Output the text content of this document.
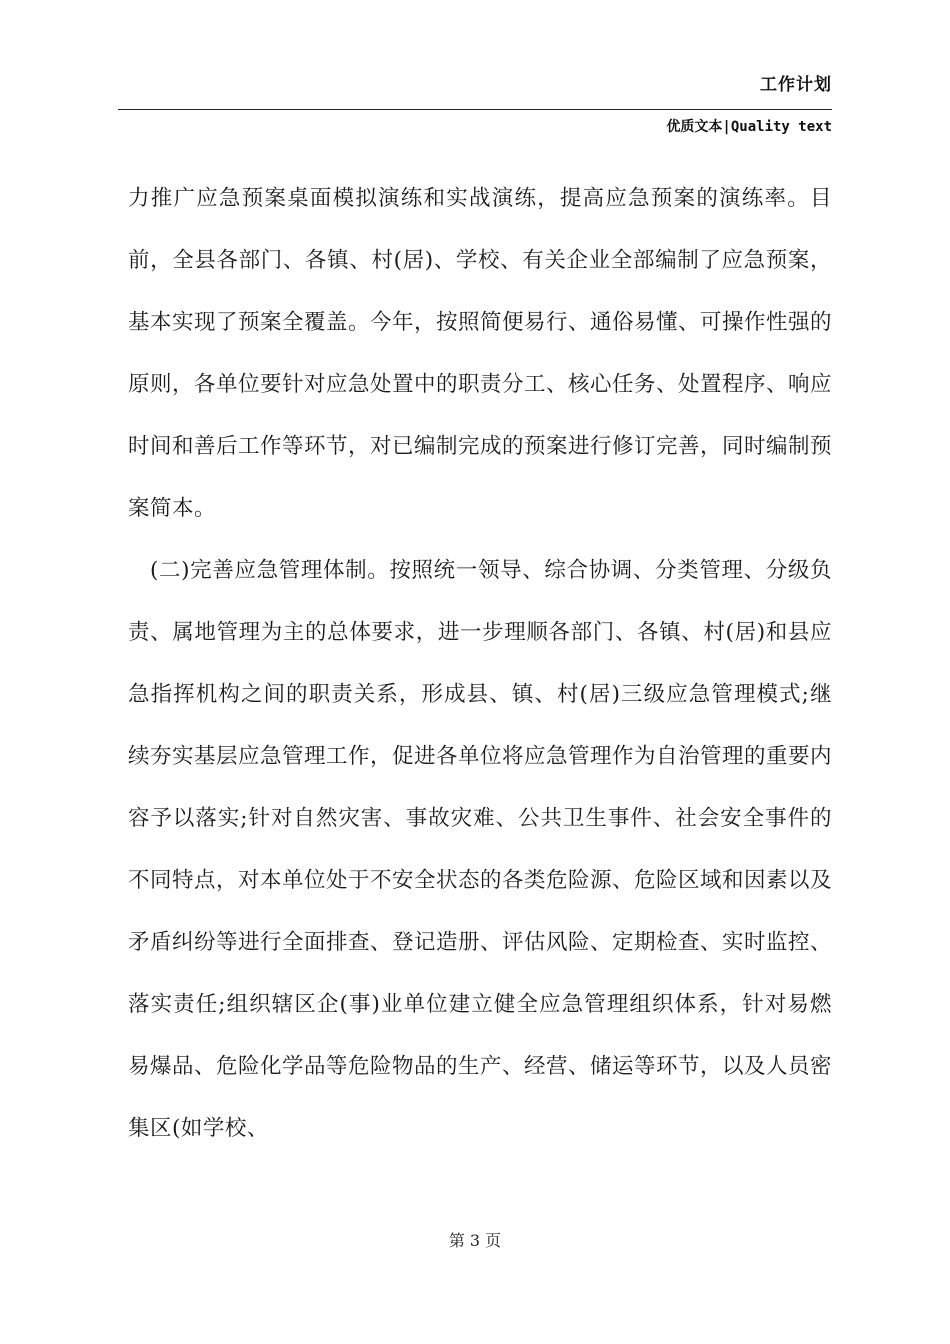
工作计划
优质文本|Quality text

力推广应急预案桌面模拟演练和实战演练，提高应急预案的演练率。目前，全县各部门、各镇、村(居)、学校、有关企业全部编制了应急预案，基本实现了预案全覆盖。今年，按照简便易行、通俗易懂、可操作性强的原则，各单位要针对应急处置中的职责分工、核心任务、处置程序、响应时间和善后工作等环节，对已编制完成的预案进行修订完善，同时编制预案简本。

(二)完善应急管理体制。按照统一领导、综合协调、分类管理、分级负责、属地管理为主的总体要求，进一步理顺各部门、各镇、村(居)和县应急指挥机构之间的职责关系，形成县、镇、村(居)三级应急管理模式;继续夯实基层应急管理工作，促进各单位将应急管理作为自治管理的重要内容予以落实;针对自然灾害、事故灾难、公共卫生事件、社会安全事件的不同特点，对本单位处于不安全状态的各类危险源、危险区域和因素以及矛盾纠纷等进行全面排查、登记造册、评估风险、定期检查、实时监控、落实责任;组织辖区企(事)业单位建立健全应急管理组织体系，针对易燃易爆品、危险化学品等危险物品的生产、经营、储运等环节，以及人员密集区(如学校、

第 3 页
